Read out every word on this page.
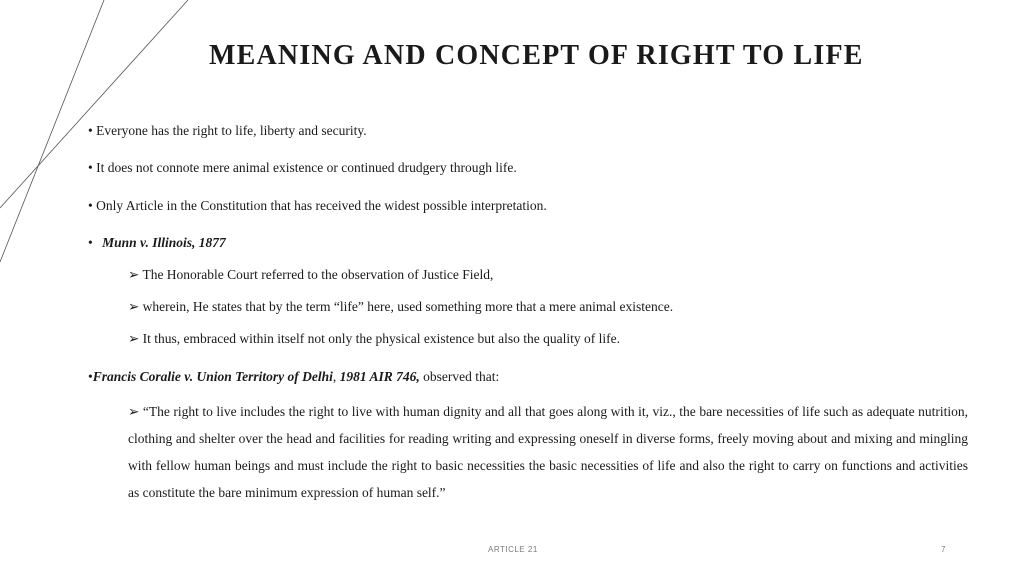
MEANING AND CONCEPT OF RIGHT TO LIFE
• Everyone has the right to life, liberty and security.
• It does not connote mere animal existence or continued drudgery through life.
• Only Article in the Constitution that has received the widest possible interpretation.
• Munn v. Illinois, 1877
➢ The Honorable Court referred to the observation of Justice Field,
➢ wherein, He states that by the term “life” here, used something more that a mere animal existence.
➢ It thus, embraced within itself not only the physical existence but also the quality of life.
•Francis Coralie v. Union Territory of Delhi, 1981 AIR 746, observed that:
➢ “The right to live includes the right to live with human dignity and all that goes along with it, viz., the bare necessities of life such as adequate nutrition, clothing and shelter over the head and facilities for reading writing and expressing oneself in diverse forms, freely moving about and mixing and mingling with fellow human beings and must include the right to basic necessities the basic necessities of life and also the right to carry on functions and activities as constitute the bare minimum expression of human self.”
ARTICLE 21	7
